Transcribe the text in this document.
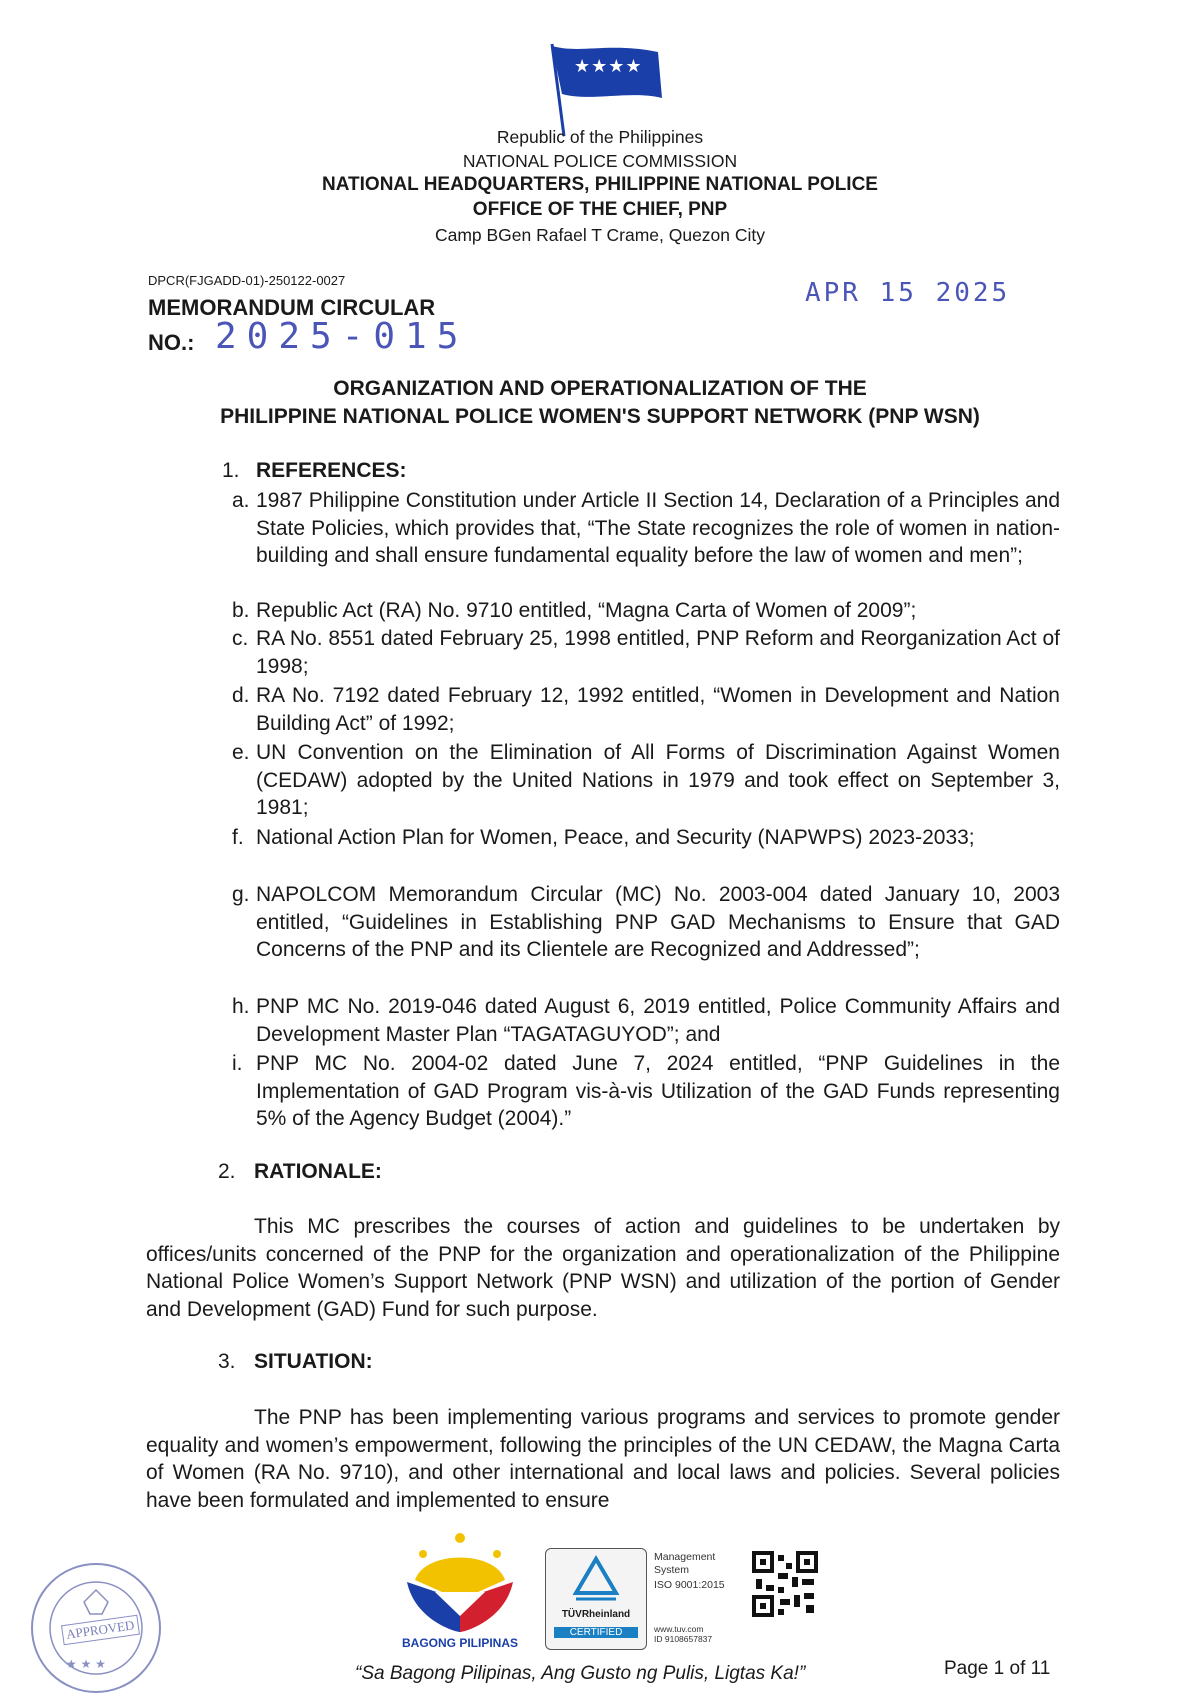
★★★★
Republic of the Philippines
NATIONAL POLICE COMMISSION
NATIONAL HEADQUARTERS, PHILIPPINE NATIONAL POLICE
OFFICE OF THE CHIEF, PNP
Camp BGen Rafael T Crame, Quezon City
DPCR(FJGADD-01)-250122-0027
MEMORANDUM CIRCULAR
NO.: 2025-015
APR 15 2025
ORGANIZATION AND OPERATIONALIZATION OF THE
PHILIPPINE NATIONAL POLICE WOMEN'S SUPPORT NETWORK (PNP WSN)
1. REFERENCES:
a. 1987 Philippine Constitution under Article II Section 14, Declaration of a Principles and State Policies, which provides that, “The State recognizes the role of women in nation-building and shall ensure fundamental equality before the law of women and men”;
b. Republic Act (RA) No. 9710 entitled, “Magna Carta of Women of 2009”;
c. RA No. 8551 dated February 25, 1998 entitled, PNP Reform and Reorganization Act of 1998;
d. RA No. 7192 dated February 12, 1992 entitled, “Women in Development and Nation Building Act” of 1992;
e. UN Convention on the Elimination of All Forms of Discrimination Against Women (CEDAW) adopted by the United Nations in 1979 and took effect on September 3, 1981;
f. National Action Plan for Women, Peace, and Security (NAPWPS) 2023-2033;
g. NAPOLCOM Memorandum Circular (MC) No. 2003-004 dated January 10, 2003 entitled, “Guidelines in Establishing PNP GAD Mechanisms to Ensure that GAD Concerns of the PNP and its Clientele are Recognized and Addressed”;
h. PNP MC No. 2019-046 dated August 6, 2019 entitled, Police Community Affairs and Development Master Plan “TAGATAGUYOD”; and
i. PNP MC No. 2004-02 dated June 7, 2024 entitled, “PNP Guidelines in the Implementation of GAD Program vis-à-vis Utilization of the GAD Funds representing 5% of the Agency Budget (2004).”
2. RATIONALE:
This MC prescribes the courses of action and guidelines to be undertaken by offices/units concerned of the PNP for the organization and operationalization of the Philippine National Police Women’s Support Network (PNP WSN) and utilization of the portion of Gender and Development (GAD) Fund for such purpose.
3. SITUATION:
The PNP has been implementing various programs and services to promote gender equality and women’s empowerment, following the principles of the UN CEDAW, the Magna Carta of Women (RA No. 9710), and other international and local laws and policies. Several policies have been formulated and implemented to ensure
★ ★ ★
APPROVED
BAGONG PILIPINAS
TÜVRheinland
CERTIFIED
Management
System
ISO 9001:2015
www.tuv.com
ID 9108657837
“Sa Bagong Pilipinas, Ang Gusto ng Pulis, Ligtas Ka!”	Page 1 of 11
